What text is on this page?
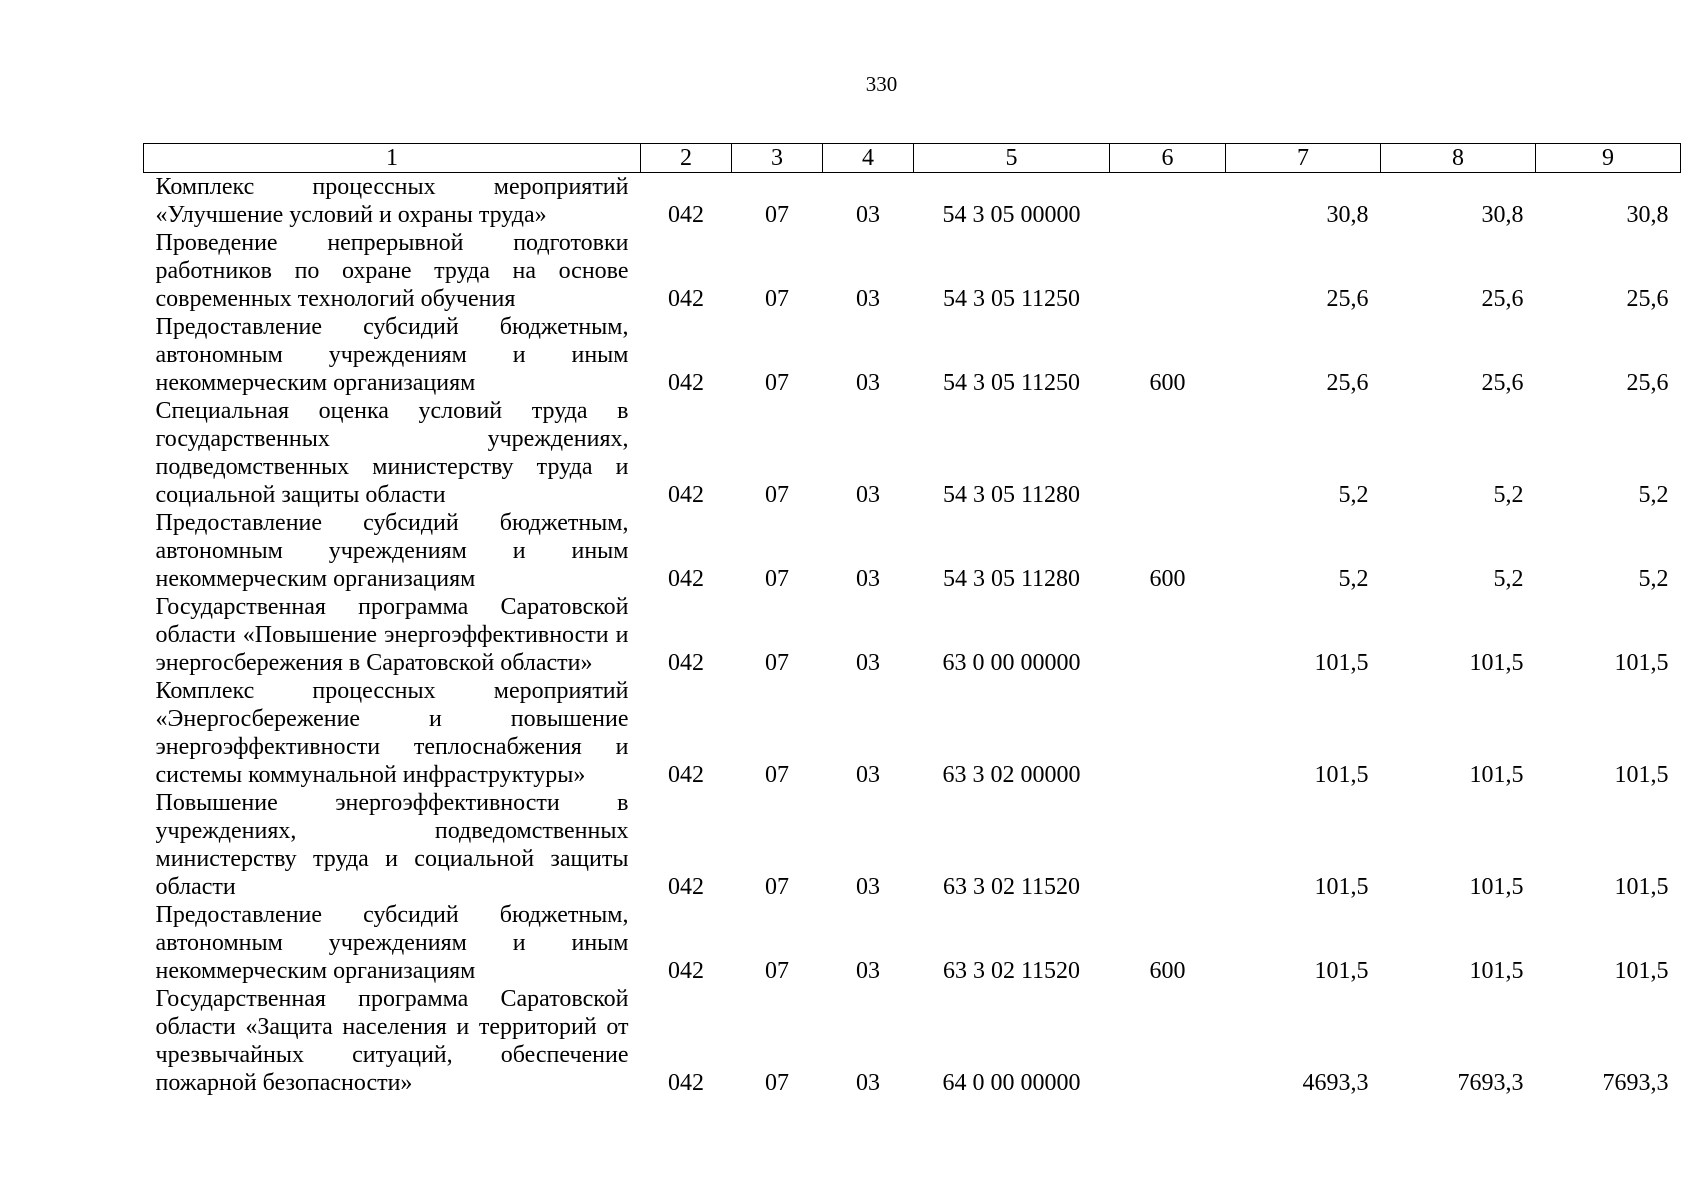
330
1	2	3	4	5	6	7	8	9
Комплекс процессных мероприятий «Улучшение условий и охраны труда»	042	07	03	54 3 05 00000		30,8	30,8	30,8
Проведение непрерывной подготовки работников по охране труда на основе современных технологий обучения	042	07	03	54 3 05 11250		25,6	25,6	25,6
Предоставление субсидий бюджетным, автономным учреждениям и иным некоммерческим организациям	042	07	03	54 3 05 11250	600	25,6	25,6	25,6
Специальная оценка условий труда в государственных учреждениях, подведомственных министерству труда и социальной защиты области	042	07	03	54 3 05 11280		5,2	5,2	5,2
Предоставление субсидий бюджетным, автономным учреждениям и иным некоммерческим организациям	042	07	03	54 3 05 11280	600	5,2	5,2	5,2
Государственная программа Саратовской области «Повышение энергоэффективности и энергосбережения в Саратовской области»	042	07	03	63 0 00 00000		101,5	101,5	101,5
Комплекс процессных мероприятий «Энергосбережение и повышение энергоэффективности теплоснабжения и системы коммунальной инфраструктуры»	042	07	03	63 3 02 00000		101,5	101,5	101,5
Повышение энергоэффективности в учреждениях, подведомственных министерству труда и социальной защиты области	042	07	03	63 3 02 11520		101,5	101,5	101,5
Предоставление субсидий бюджетным, автономным учреждениям и иным некоммерческим организациям	042	07	03	63 3 02 11520	600	101,5	101,5	101,5
Государственная программа Саратовской области «Защита населения и территорий от чрезвычайных ситуаций, обеспечение пожарной безопасности»	042	07	03	64 0 00 00000		4693,3	7693,3	7693,3
